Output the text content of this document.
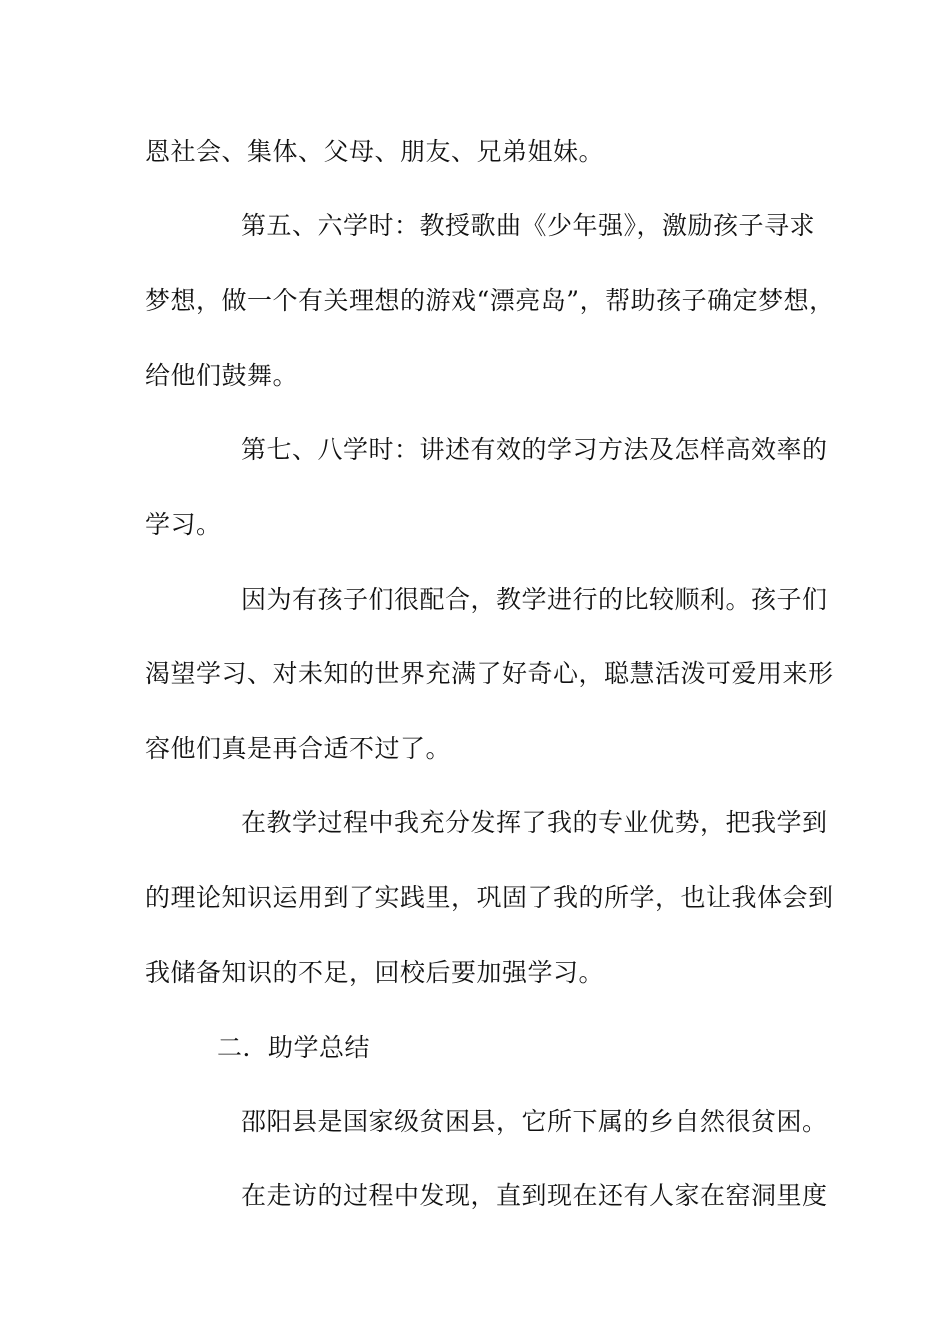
恩社会、集体、父母、朋友、兄弟姐妹。
第五、六学时：教授歌曲《少年强》，激励孩子寻求
梦想，做一个有关理想的游戏“漂亮岛”，帮助孩子确定梦想，
给他们鼓舞。
第七、八学时：讲述有效的学习方法及怎样高效率的
学习。
因为有孩子们很配合，教学进行的比较顺利。孩子们
渴望学习、对未知的世界充满了好奇心，聪慧活泼可爱用来形
容他们真是再合适不过了。
在教学过程中我充分发挥了我的专业优势，把我学到
的理论知识运用到了实践里，巩固了我的所学，也让我体会到
我储备知识的不足，回校后要加强学习。
二．助学总结
邵阳县是国家级贫困县，它所下属的乡自然很贫困。
在走访的过程中发现，直到现在还有人家在窑洞里度
